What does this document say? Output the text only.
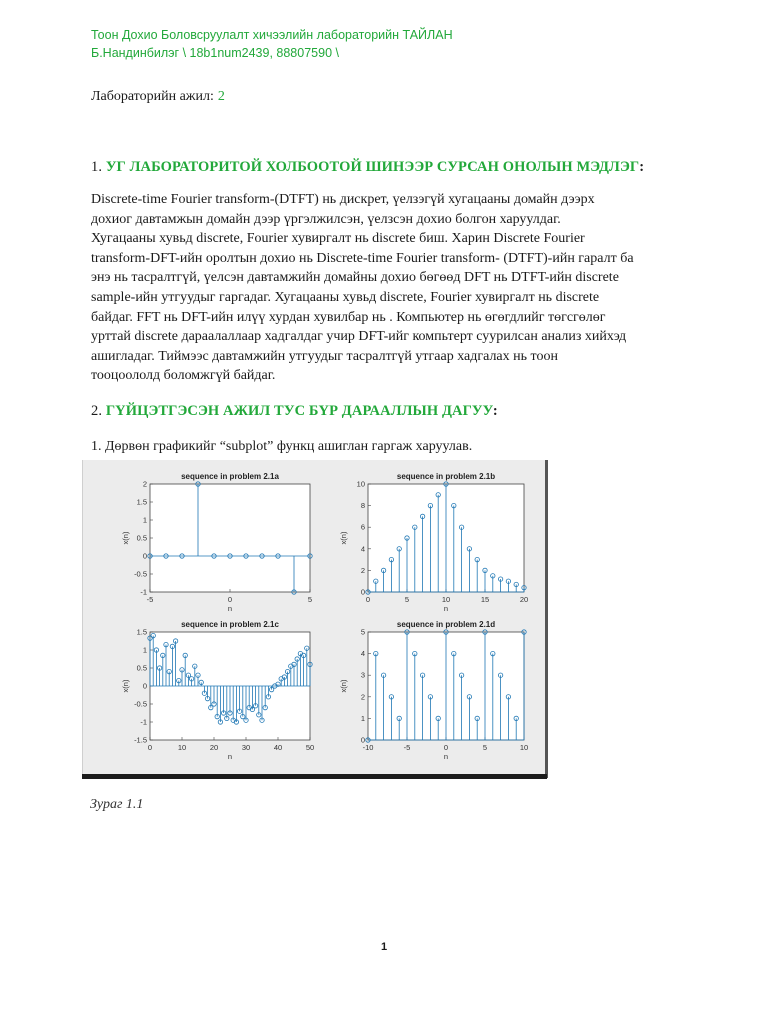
Тоон Дохио Боловсруулалт хичээлийн лабораторийн ТАЙЛАН
Б.Нандинбилэг \ 18b1num2439, 88807590 \
Лабораторийн ажил: 2
1. УГ ЛАБОРАТОРИТОЙ ХОЛБООТОЙ ШИНЭЭР СУРСАН ОНОЛЫН МЭДЛЭГ:

Discrete-time Fourier transform-(DTFT) нь дискрет, үелзэгүй хугацааны домайн дээрх

дохиог давтамжын домайн дээр үргэлжилсэн, үелзсэн дохио болгон харуулдаг.

Хугацааны хувьд discrete, Fourier хувиргалт нь discrete биш. Харин Discrete Fourier

transform-DFT-ийн оролтын дохио нь Discrete-time Fourier transform- (DTFT)-ийн гаралт ба

энэ нь тасралтгүй, үелсэн давтамжийн домайны дохио бөгөөд DFT нь DTFT-ийн discrete

sample-ийн утгуудыг гаргадаг. Хугацааны хувьд discrete, Fourier хувиргалт нь discrete

байдаг. FFT нь DFT-ийн илүү хурдан хувилбар нь . Компьютер нь өгөгдлийг төгсгөлөг

урттай discrete дараалаллаар хадгалдаг учир DFT-ийг компьтерт суурилсан анализ хийхэд

ашигладаг. Тиймээс давтамжийн утгуудыг тасралтгүй утгаар хадгалах нь тоон

тооцоололд боломжгүй байдаг.

2. ГҮЙЦЭТГЭСЭН АЖИЛ ТУС БҮР ДАРААЛЛЫН ДАГУУ:
1. Дөрвөн графикийг “subplot” функц ашиглан гаргаж харуулав.
sequence in problem 2.1a
2
1.5
1
0.5
0
-0.5
-1
-5	0	5
n
x(n)
sequence in problem 2.1b
10
8
6
4
2
0
0	5	10	15	20
n
x(n)
sequence in problem 2.1c
1.5
1
0.5
0
-0.5
-1
-1.5
0	10	20	30	40	50
n
x(n)
sequence in problem 2.1d
5
4
3
2
1
0
-10	-5	0	5	10
n
x(n)
Зураг 1.1
1
